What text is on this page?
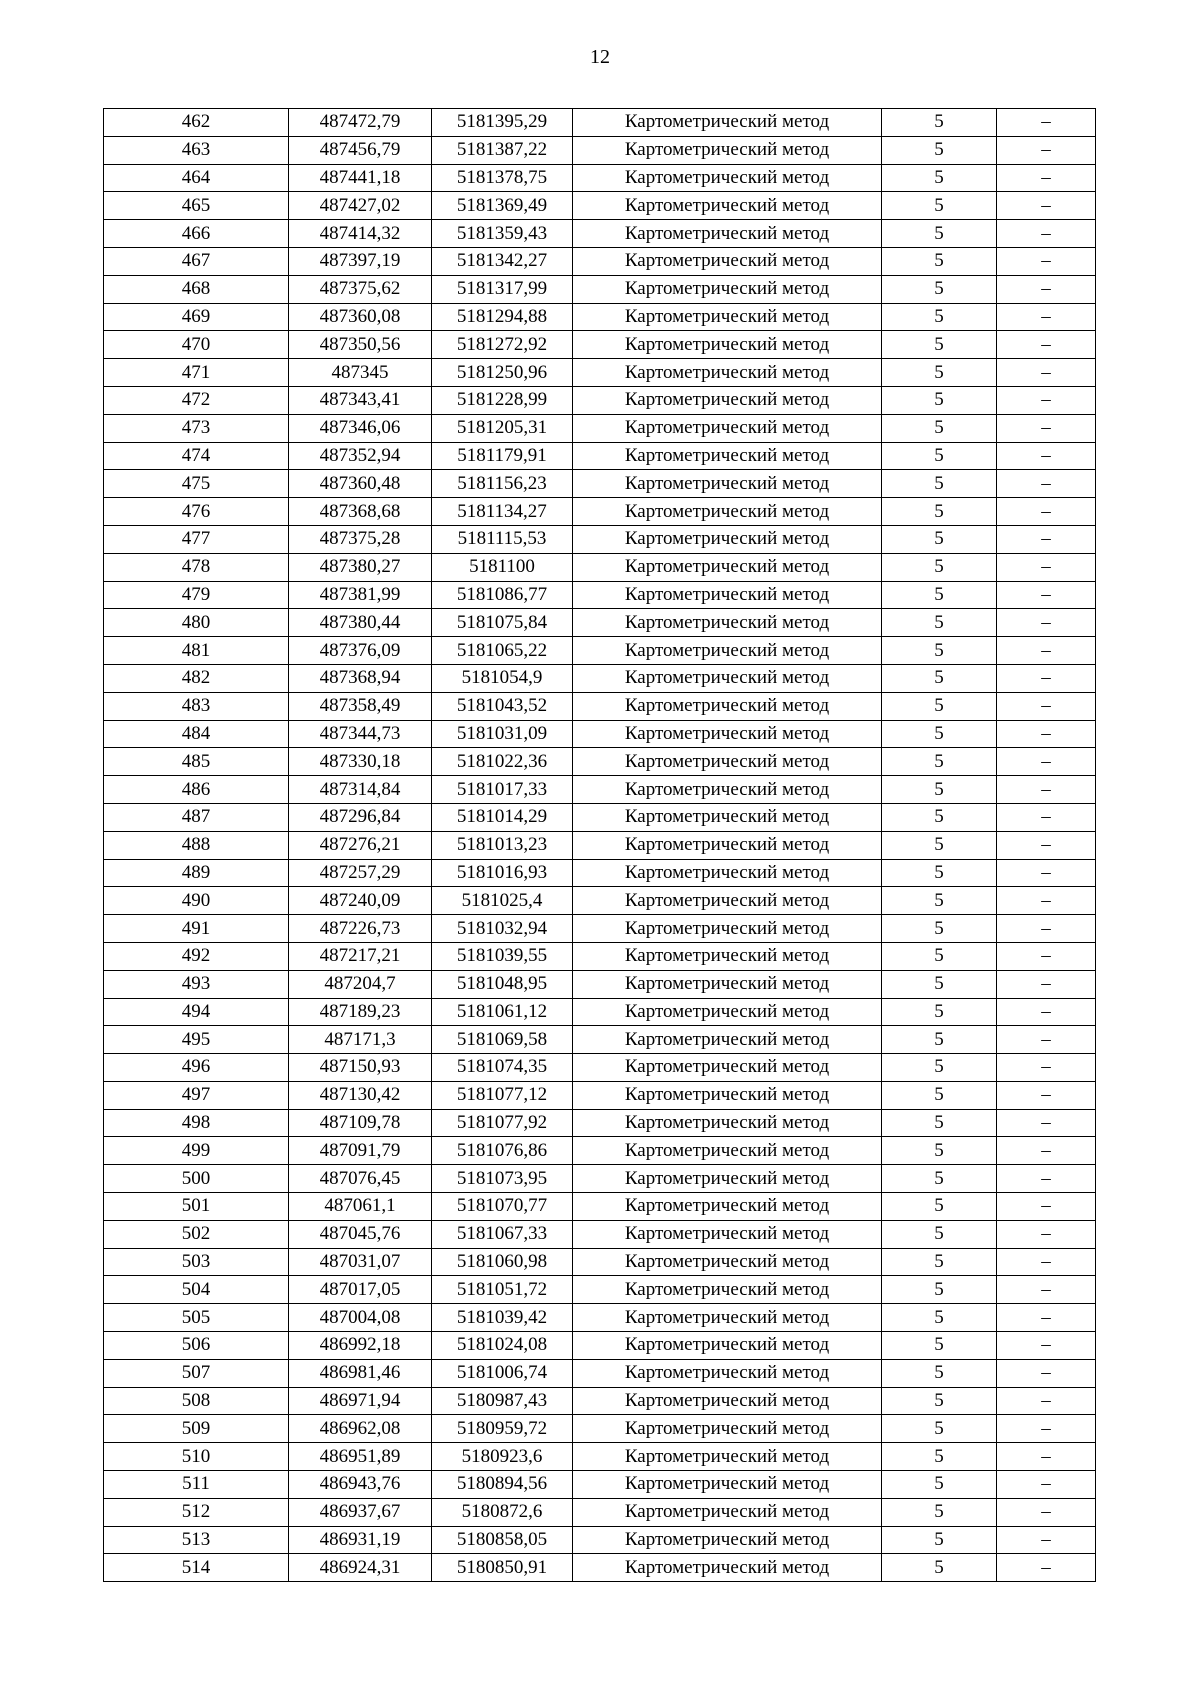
12
462	487472,79	5181395,29	Картометрический метод	5	–
463	487456,79	5181387,22	Картометрический метод	5	–
464	487441,18	5181378,75	Картометрический метод	5	–
465	487427,02	5181369,49	Картометрический метод	5	–
466	487414,32	5181359,43	Картометрический метод	5	–
467	487397,19	5181342,27	Картометрический метод	5	–
468	487375,62	5181317,99	Картометрический метод	5	–
469	487360,08	5181294,88	Картометрический метод	5	–
470	487350,56	5181272,92	Картометрический метод	5	–
471	487345	5181250,96	Картометрический метод	5	–
472	487343,41	5181228,99	Картометрический метод	5	–
473	487346,06	5181205,31	Картометрический метод	5	–
474	487352,94	5181179,91	Картометрический метод	5	–
475	487360,48	5181156,23	Картометрический метод	5	–
476	487368,68	5181134,27	Картометрический метод	5	–
477	487375,28	5181115,53	Картометрический метод	5	–
478	487380,27	5181100	Картометрический метод	5	–
479	487381,99	5181086,77	Картометрический метод	5	–
480	487380,44	5181075,84	Картометрический метод	5	–
481	487376,09	5181065,22	Картометрический метод	5	–
482	487368,94	5181054,9	Картометрический метод	5	–
483	487358,49	5181043,52	Картометрический метод	5	–
484	487344,73	5181031,09	Картометрический метод	5	–
485	487330,18	5181022,36	Картометрический метод	5	–
486	487314,84	5181017,33	Картометрический метод	5	–
487	487296,84	5181014,29	Картометрический метод	5	–
488	487276,21	5181013,23	Картометрический метод	5	–
489	487257,29	5181016,93	Картометрический метод	5	–
490	487240,09	5181025,4	Картометрический метод	5	–
491	487226,73	5181032,94	Картометрический метод	5	–
492	487217,21	5181039,55	Картометрический метод	5	–
493	487204,7	5181048,95	Картометрический метод	5	–
494	487189,23	5181061,12	Картометрический метод	5	–
495	487171,3	5181069,58	Картометрический метод	5	–
496	487150,93	5181074,35	Картометрический метод	5	–
497	487130,42	5181077,12	Картометрический метод	5	–
498	487109,78	5181077,92	Картометрический метод	5	–
499	487091,79	5181076,86	Картометрический метод	5	–
500	487076,45	5181073,95	Картометрический метод	5	–
501	487061,1	5181070,77	Картометрический метод	5	–
502	487045,76	5181067,33	Картометрический метод	5	–
503	487031,07	5181060,98	Картометрический метод	5	–
504	487017,05	5181051,72	Картометрический метод	5	–
505	487004,08	5181039,42	Картометрический метод	5	–
506	486992,18	5181024,08	Картометрический метод	5	–
507	486981,46	5181006,74	Картометрический метод	5	–
508	486971,94	5180987,43	Картометрический метод	5	–
509	486962,08	5180959,72	Картометрический метод	5	–
510	486951,89	5180923,6	Картометрический метод	5	–
511	486943,76	5180894,56	Картометрический метод	5	–
512	486937,67	5180872,6	Картометрический метод	5	–
513	486931,19	5180858,05	Картометрический метод	5	–
514	486924,31	5180850,91	Картометрический метод	5	–
